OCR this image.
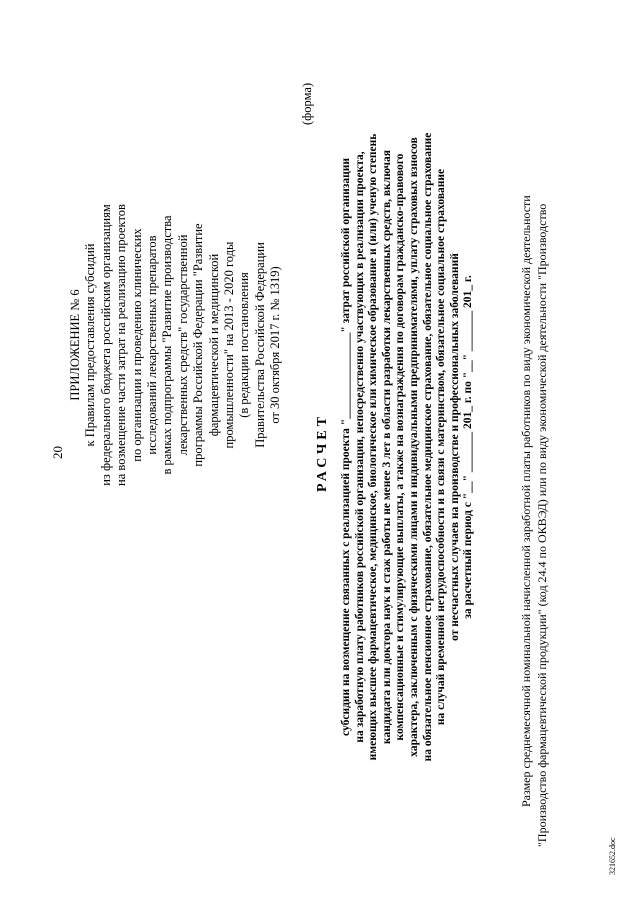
20
ПРИЛОЖЕНИЕ № 6 к Правилам предоставления субсидий из федерального бюджета российским организациям на возмещение части затрат на реализацию проектов по организации и проведению клинических исследований лекарственных препаратов в рамках подпрограммы "Развитие производства лекарственных средств" государственной программы Российской Федерации "Развитие фармацевтической и медицинской промышленности" на 2013 - 2020 годы (в редакции постановления Правительства Российской Федерации от 30 октября 2017 г. № 1319)
(форма)
РАСЧЕТ субсидии на возмещение связанных с реализацией проекта "_______________" затрат российской организации на заработную плату работников российской организации, непосредственно участвующих в реализации проекта, имеющих высшее фармацевтическое, медицинское, биологическое или химическое образование и (или) ученую степень кандидата или доктора наук и стаж работы не менее 3 лет в области разработки лекарственных средств, включая компенсационные и стимулирующие выплаты, а также на вознаграждения по договорам гражданско-правового характера, заключенным с физическими лицами и индивидуальными предпринимателями, уплату страховых взносов на обязательное пенсионное страхование, обязательное медицинское страхование, обязательное социальное страхование на случай временной нетрудоспособности и в связи с материнством, обязательное социальное страхование от несчастных случаев на производстве и профессиональных заболеваний за расчетный период с "__" _______ 201_ г. по "__" _______ 201_ г.	Размер среднемесячной номинальной начисленной заработной платы работников по виду экономической деятельности "Производство фармацевтической продукции" (код 24.4 по ОКВЭД) или по виду экономической деятельности "Производство
321652.doc
